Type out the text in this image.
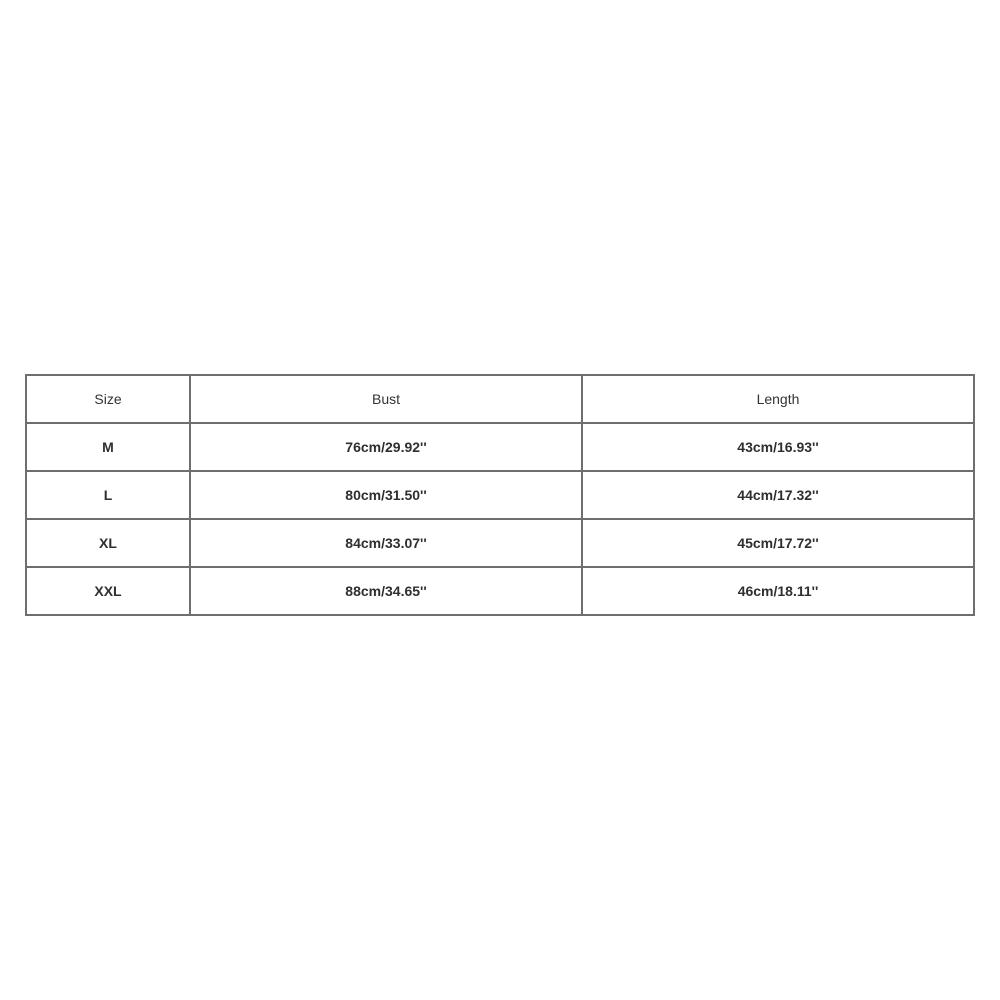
Size	Bust	Length
M	76cm/29.92''	43cm/16.93''
L	80cm/31.50''	44cm/17.32''
XL	84cm/33.07''	45cm/17.72''
XXL	88cm/34.65''	46cm/18.11''
